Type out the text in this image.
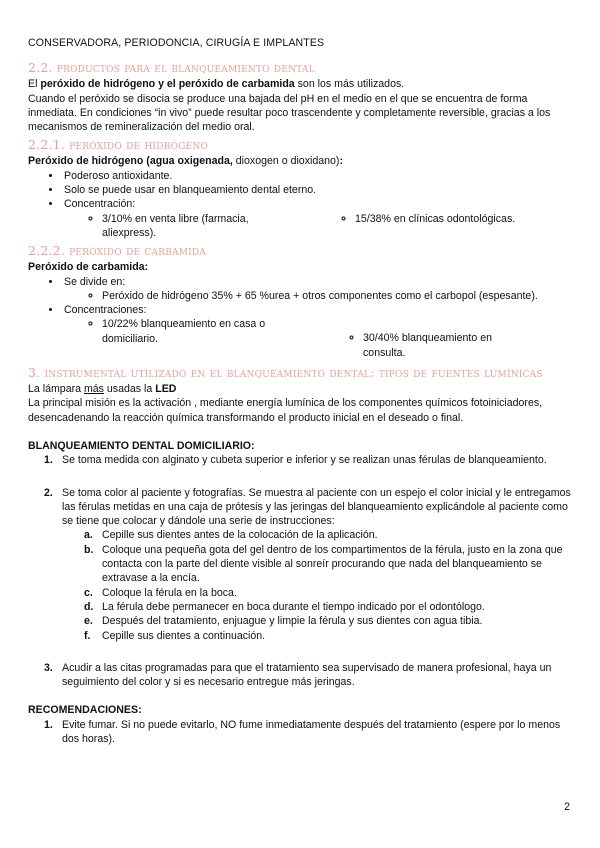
CONSERVADORA, PERIODONCIA, CIRUGÍA E IMPLANTES
2.2. productos para el blanqueamiento dental

El peróxido de hidrógeno y el peróxido de carbamida son los más utilizados.

Cuando el peróxido se disocia se produce una bajada del pH en el medio en el que se encuentra de forma inmediata. En condiciones “in vivo” puede resultar poco trascendente y completamente reversible, gracias a los mecanismos de remineralización del medio oral.

2.2.1. peróxido de hidrógeno

Peróxido de hidrógeno (agua oxigenada, dioxogen o dioxidano):

• Poderoso antioxidante.
• Solo se puede usar en blanqueamiento dental eterno.
• Concentración:
◦ 3/10% en venta libre (farmacia, aliexpress).
◦ 15/38% en clínicas odontológicas.
2.2.2. peróxido de carbamida

Peróxido de carbamida:

• Se divide en:
◦ Peróxido de hidrógeno 35% + 65 %urea + otros componentes como el carbopol (espesante).
• Concentraciones:
◦ 10/22% blanqueamiento en casa o domiciliario.
◦	30/40% blanqueamiento en consulta.
3. instrumental utilizado en el blanqueamiento dental: tipos de fuentes lumínicas

La lámpara más usadas la LED

La principal misión es la activación , mediante energía lumínica de los componentes químicos fotoiniciadores, desencadenando la reacción química transformando el producto inicial en el deseado o final.

BLANQUEAMIENTO DENTAL DOMICILIARIO:
1. Se toma medida con alginato y cubeta superior e inferior y se realizan unas férulas de blanqueamiento.
2. Se toma color al paciente y fotografías. Se muestra al paciente con un espejo el color inicial y le entregamos las férulas metidas en una caja de prótesis y las jeringas del blanqueamiento explicándole al paciente como se tiene que colocar y dándole una serie de instrucciones:
a. Cepille sus dientes antes de la colocación de la aplicación.
b. Coloque una pequeña gota del gel dentro de los compartimentos de la férula, justo en la zona que contacta con la parte del diente visible al sonreír procurando que nada del blanqueamiento se extravase a la encía.
c. Coloque la férula en la boca.
d. La férula debe permanecer en boca durante el tiempo indicado por el odontólogo.
e. Después del tratamiento, enjuague y limpie la férula y sus dientes con agua tibia.
f. Cepille sus dientes a continuación.
3. Acudir a las citas programadas para que el tratamiento sea supervisado de manera profesional, haya un seguimiento del color y si es necesario entregue más jeringas.
RECOMENDACIONES:
1. Evite fumar. Si no puede evitarlo, NO fume inmediatamente después del tratamiento (espere por lo menos dos horas).
2
